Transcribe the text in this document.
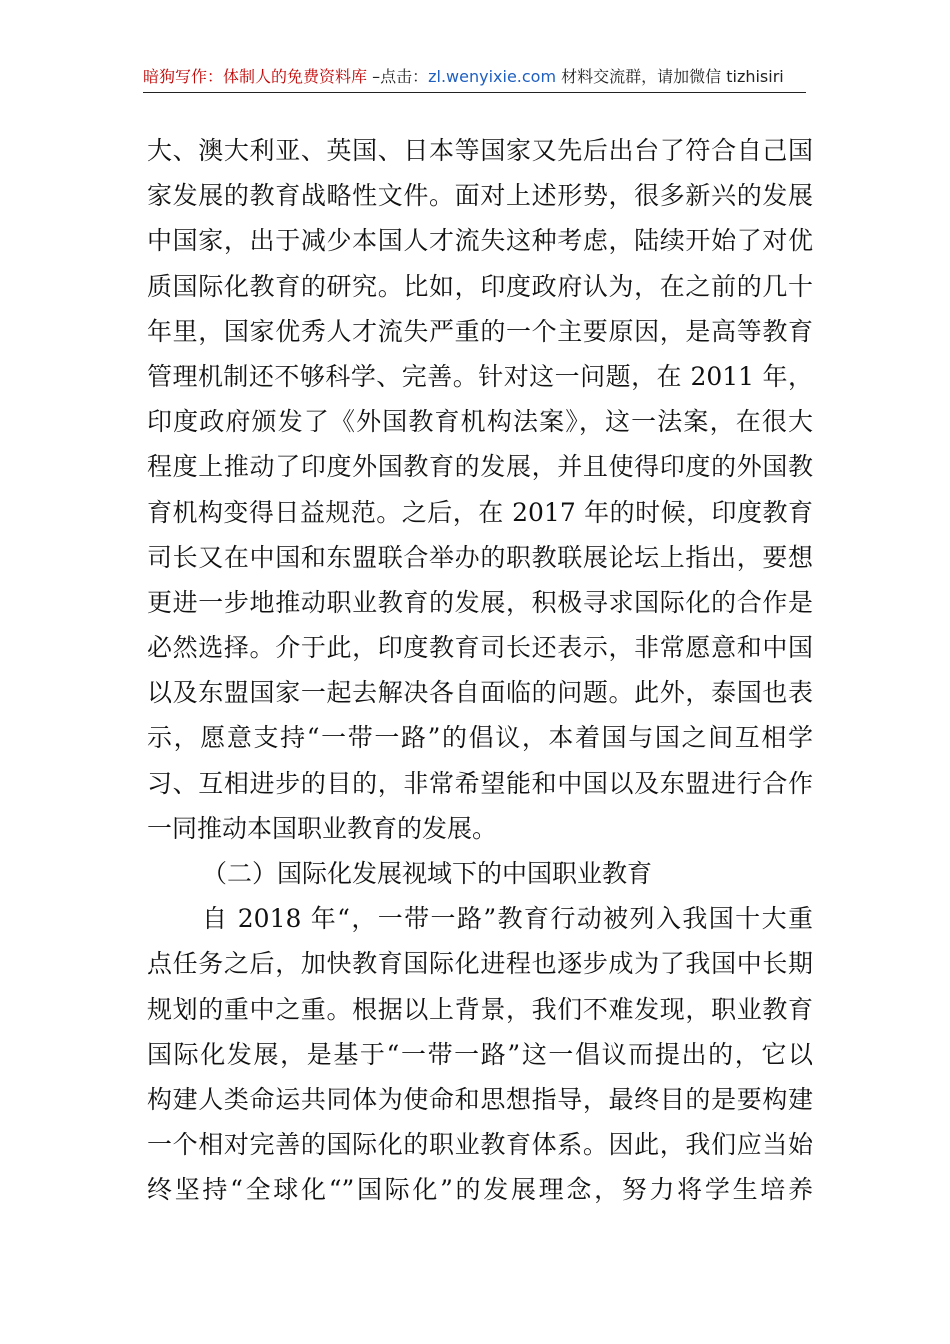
暗狗写作：体制人的免费资料库 –点击：zl.wenyixie.com 材料交流群，请加微信 tizhisiri
大、澳大利亚、英国、日本等国家又先后出台了符合自己国
家发展的教育战略性文件。面对上述形势，很多新兴的发展
中国家，出于减少本国人才流失这种考虑，陆续开始了对优
质国际化教育的研究。比如，印度政府认为，在之前的几十
年里，国家优秀人才流失严重的一个主要原因，是高等教育
管理机制还不够科学、完善。针对这一问题，在 2011 年，
印度政府颁发了《外国教育机构法案》，这一法案，在很大
程度上推动了印度外国教育的发展，并且使得印度的外国教
育机构变得日益规范。之后，在 2017 年的时候，印度教育
司长又在中国和东盟联合举办的职教联展论坛上指出，要想
更进一步地推动职业教育的发展，积极寻求国际化的合作是
必然选择。介于此，印度教育司长还表示，非常愿意和中国
以及东盟国家一起去解决各自面临的问题。此外，泰国也表
示，愿意支持“一带一路”的倡议，本着国与国之间互相学
习、互相进步的目的，非常希望能和中国以及东盟进行合作
一同推动本国职业教育的发展。
（二）国际化发展视域下的中国职业教育
自 2018 年“，一带一路”教育行动被列入我国十大重
点任务之后，加快教育国际化进程也逐步成为了我国中长期
规划的重中之重。根据以上背景，我们不难发现，职业教育
国际化发展，是基于“一带一路”这一倡议而提出的，它以
构建人类命运共同体为使命和思想指导，最终目的是要构建
一个相对完善的国际化的职业教育体系。因此，我们应当始
终坚持“全球化“”国际化”的发展理念，努力将学生培养
